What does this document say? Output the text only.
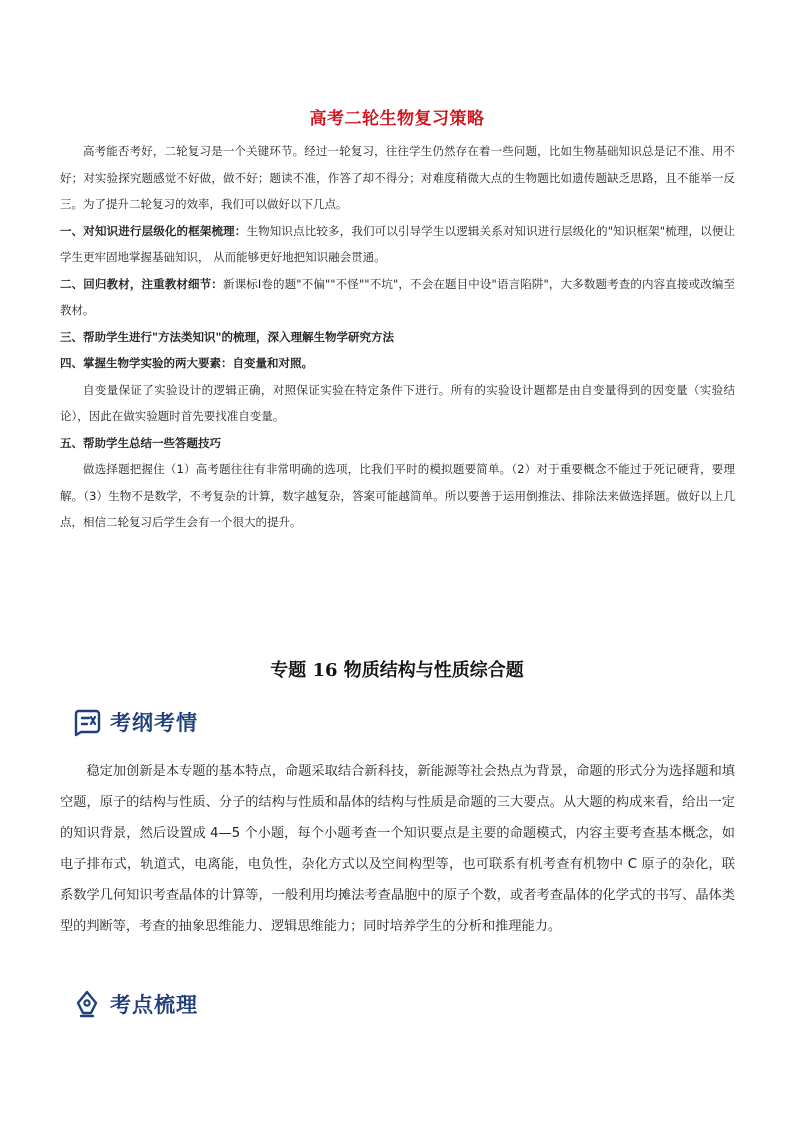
高考二轮生物复习策略

高考能否考好，二轮复习是一个关键环节。经过一轮复习，往往学生仍然存在着一些问题，比如生物基础知识总是记不准、用不好；对实验探究题感觉不好做，做不好；题读不准，作答了却不得分；对难度稍微大点的生物题比如遗传题缺乏思路，且不能举一反三。为了提升二轮复习的效率，我们可以做好以下几点。

一、对知识进行层级化的框架梳理：生物知识点比较多，我们可以引导学生以逻辑关系对知识进行层级化的"知识框架"梳理，以便让学生更牢固地掌握基础知识， 从而能够更好地把知识融会贯通。

二、回归教材，注重教材细节：新课标Ⅰ卷的题"不偏""不怪""不坑"，不会在题目中设"语言陷阱"，大多数题考查的内容直接或改编至教材。

三、帮助学生进行"方法类知识"的梳理，深入理解生物学研究方法

四、掌握生物学实验的两大要素：自变量和对照。

自变量保证了实验设计的逻辑正确，对照保证实验在特定条件下进行。所有的实验设计题都是由自变量得到的因变量（实验结论），因此在做实验题时首先要找准自变量。

五、帮助学生总结一些答题技巧

做选择题把握住（1）高考题往往有非常明确的选项，比我们平时的模拟题要简单。（2）对于重要概念不能过于死记硬背，要理解。（3）生物不是数学，不考复杂的计算，数字越复杂，答案可能越简单。所以要善于运用倒推法、排除法来做选择题。做好以上几点，相信二轮复习后学生会有一个很大的提升。

专题 16 物质结构与性质综合题
考纲考情

稳定加创新是本专题的基本特点，命题采取结合新科技，新能源等社会热点为背景，命题的形式分为选择题和填空题，原子的结构与性质、分子的结构与性质和晶体的结构与性质是命题的三大要点。从大题的构成来看，给出一定的知识背景，然后设置成 4—5 个小题，每个小题考查一个知识要点是主要的命题模式，内容主要考查基本概念，如电子排布式，轨道式，电离能，电负性，杂化方式以及空间构型等，也可联系有机考查有机物中 C 原子的杂化，联系数学几何知识考查晶体的计算等，一般利用均摊法考查晶胞中的原子个数，或者考查晶体的化学式的书写、晶体类型的判断等，考查的抽象思维能力、逻辑思维能力；同时培养学生的分析和推理能力。

考点梳理
